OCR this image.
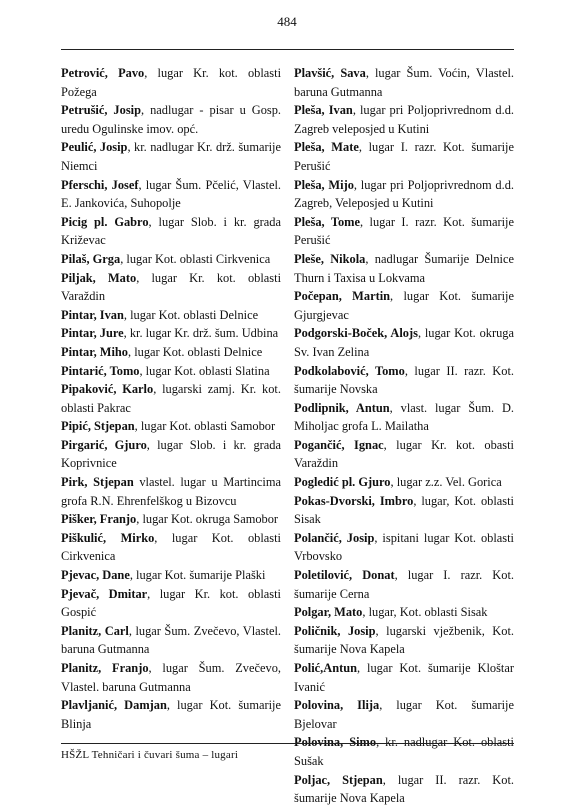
484
Petrović, Pavo, lugar Kr. kot. oblasti Požega
Petrušić, Josip, nadlugar - pisar u Gosp. uredu Ogulinske imov. opć.
Peulić, Josip, kr. nadlugar Kr. drž. šumarije Niemci
Pferschi, Josef, lugar Šum. Pčelić, Vlastel. E. Jankovića, Suhopolje
Picig pl. Gabro, lugar Slob. i kr. grada Križevac
Pilaš, Grga, lugar Kot. oblasti Cirkvenica
Piljak, Mato, lugar Kr. kot. oblasti Varaždin
Pintar, Ivan, lugar Kot. oblasti Delnice
Pintar, Jure, kr. lugar Kr. drž. šum. Udbina
Pintar, Miho, lugar Kot. oblasti Delnice
Pintarić, Tomo, lugar Kot. oblasti Slatina
Pipaković, Karlo, lugarski zamj. Kr. kot. oblasti Pakrac
Pipić, Stjepan, lugar Kot. oblasti Samobor
Pirgarić, Gjuro, lugar Slob. i kr. grada Koprivnice
Pirk, Stjepan vlastel. lugar u Martincima grofa R.N. Ehrenfelškog u Bizovcu
Pišker, Franjo, lugar Kot. okruga Samobor
Piškulić, Mirko, lugar Kot. oblasti Cirkvenica
Pjevac, Dane, lugar Kot. šumarije Plaški
Pjevač, Dmitar, lugar Kr. kot. oblasti Gospić
Planitz, Carl, lugar Šum. Zvečevo, Vlastel. baruna Gutmanna
Planitz, Franjo, lugar Šum. Zvečevo, Vlastel. baruna Gutmanna
Plavljanić, Damjan, lugar Kot. šumarije Blinja
Plavšić, Sava, lugar Šum. Voćin, Vlastel. baruna Gutmanna
Pleša, Ivan, lugar pri Poljoprivrednom d.d. Zagreb veleposjed u Kutini
Pleša, Mate, lugar I. razr. Kot. šumarije Perušić
Pleša, Mijo, lugar pri Poljoprivrednom d.d. Zagreb, Veleposjed u Kutini
Pleša, Tome, lugar I. razr. Kot. šumarije Perušić
Pleše, Nikola, nadlugar Šumarije Delnice Thurn i Taxisa u Lokvama
Počepan, Martin, lugar Kot. šumarije Gjurgjevac
Podgorski-Boček, Alojs, lugar Kot. okruga Sv. Ivan Zelina
Podkolabović, Tomo, lugar II. razr. Kot. šumarije Novska
Podlipnik, Antun, vlast. lugar Šum. D. Miholjac grofa L. Mailatha
Pogančić, Ignac, lugar Kr. kot. obasti Varaždin
Pogledić pl. Gjuro, lugar z.z. Vel. Gorica
Pokas-Dvorski, Imbro, lugar, Kot. oblasti Sisak
Polančić, Josip, ispitani lugar Kot. oblasti Vrbovsko
Poletilović, Donat, lugar I. razr. Kot. šumarije Cerna
Polgar, Mato, lugar, Kot. oblasti Sisak
Poličnik, Josip, lugarski vježbenik, Kot. šumarije Nova Kapela
Polić,Antun, lugar Kot. šumarije Kloštar Ivanić
Polovina, Ilija, lugar Kot. šumarije Bjelovar
Polovina, Simo, kr. nadlugar Kot. oblasti Sušak
Poljac, Stjepan, lugar II. razr. Kot. šumarije Nova Kapela
HŠŽL Tehničari i čuvari šuma – lugari
